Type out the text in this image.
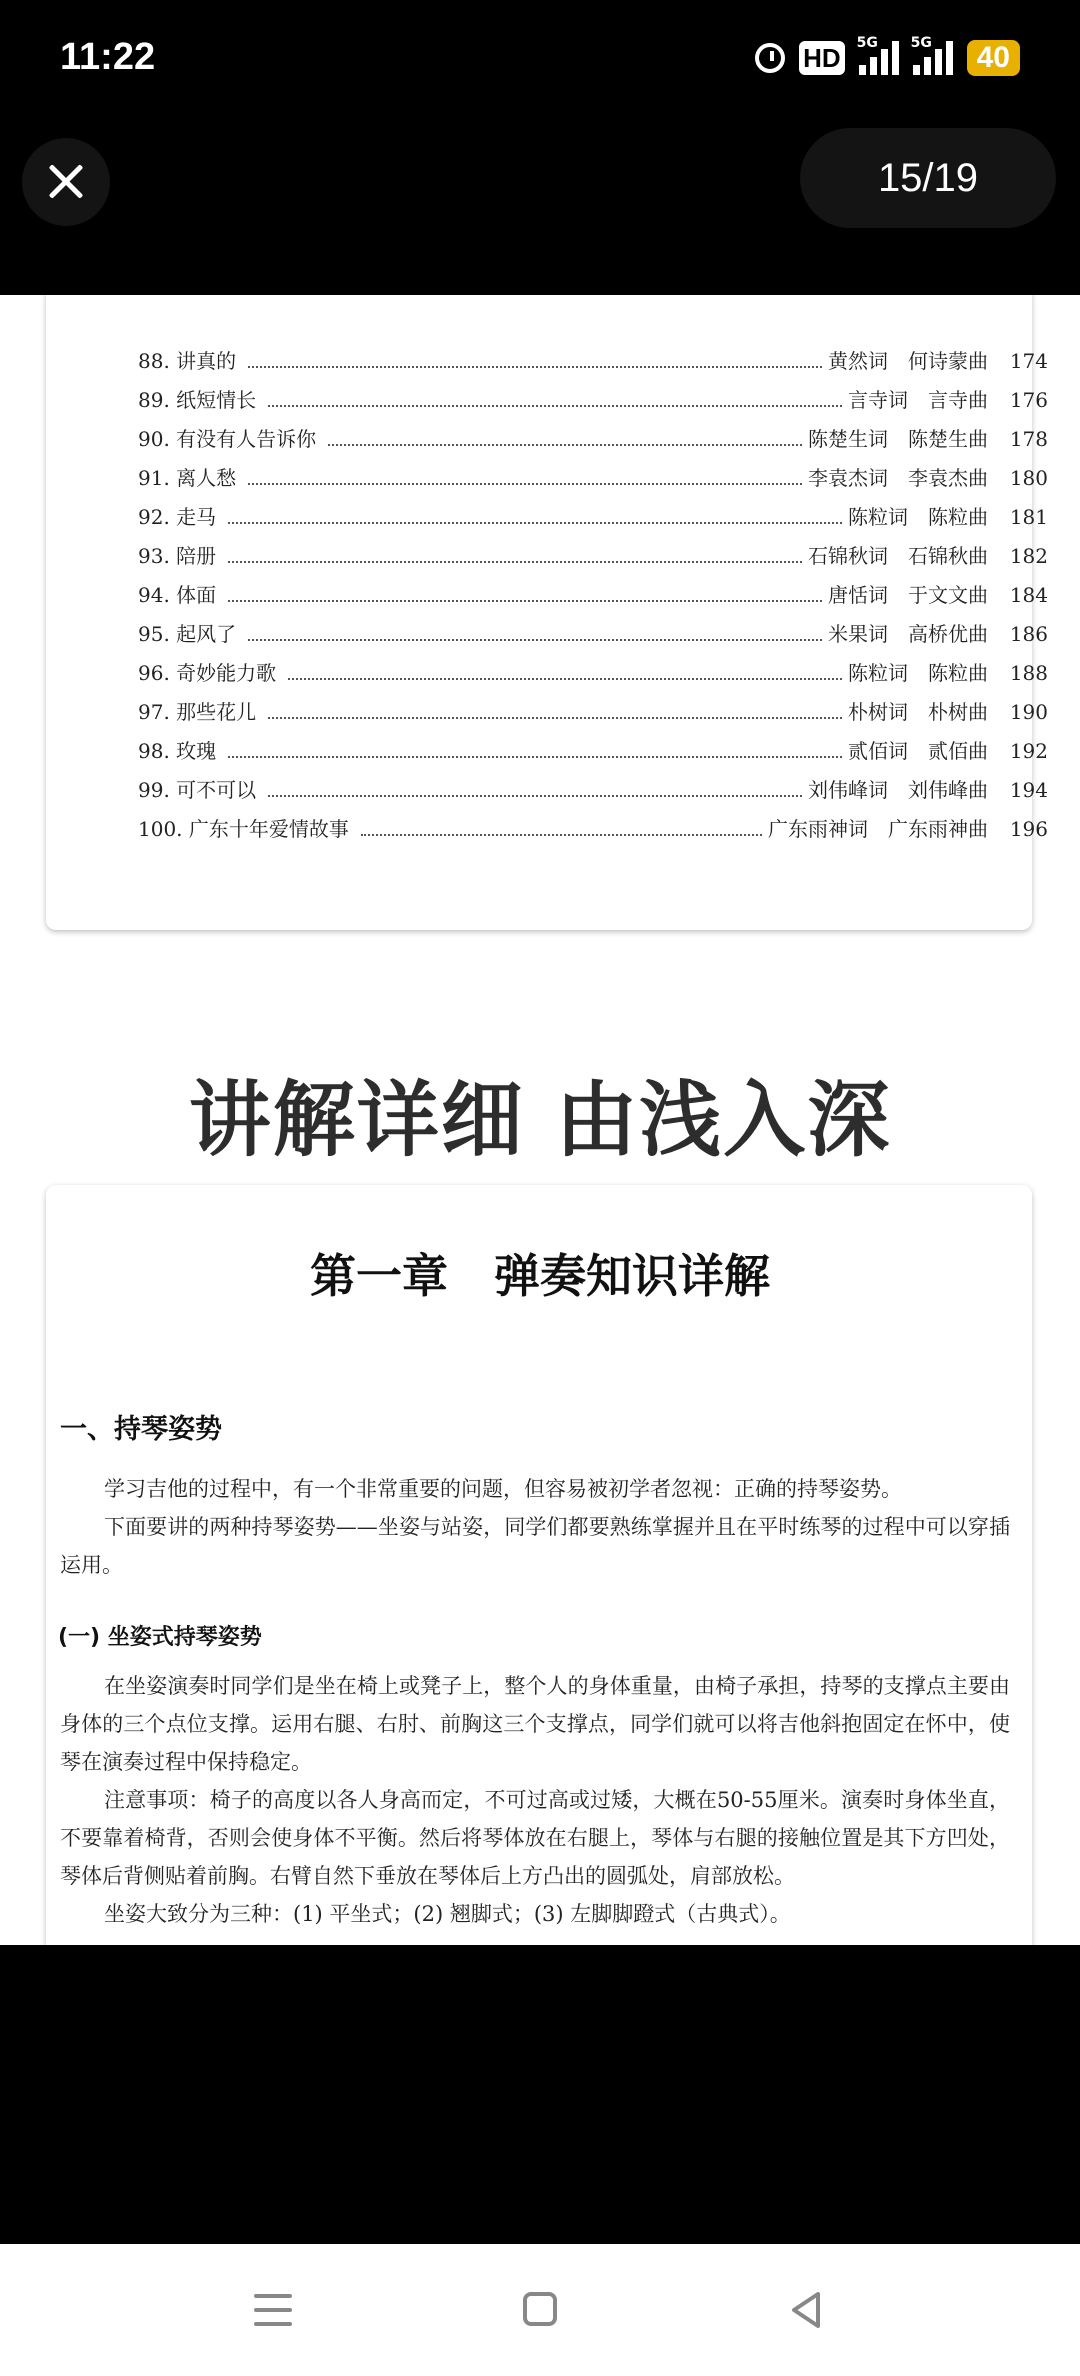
11:22	HD 5G 5G	40
15/19
88. 讲真的	黄然词　何诗蒙曲 174
89. 纸短情长	言寺词　言寺曲 176
90. 有没有人告诉你	陈楚生词　陈楚生曲 178
91. 离人愁	李袁杰词　李袁杰曲 180
92. 走马	陈粒词　陈粒曲 181
93. 陪册	石锦秋词　石锦秋曲 182
94. 体面	唐恬词　于文文曲 184
95. 起风了	米果词　高桥优曲 186
96. 奇妙能力歌	陈粒词　陈粒曲 188
97. 那些花儿	朴树词　朴树曲 190
98. 玫瑰	贰佰词　贰佰曲 192
99. 可不可以	刘伟峰词　刘伟峰曲 194
100. 广东十年爱情故事	广东雨神词　广东雨神曲 196
讲解详细 由浅入深
第一章　弹奏知识详解
一、持琴姿势
学习吉他的过程中，有一个非常重要的问题，但容易被初学者忽视：正确的持琴姿势。
下面要讲的两种持琴姿势——坐姿与站姿，同学们都要熟练掌握并且在平时练琴的过程中可以穿插运用。
(一) 坐姿式持琴姿势
在坐姿演奏时同学们是坐在椅上或凳子上，整个人的身体重量，由椅子承担，持琴的支撑点主要由身体的三个点位支撑。运用右腿、右肘、前胸这三个支撑点，同学们就可以将吉他斜抱固定在怀中，使琴在演奏过程中保持稳定。
注意事项：椅子的高度以各人身高而定，不可过高或过矮，大概在50-55厘米。演奏时身体坐直，不要靠着椅背，否则会使身体不平衡。然后将琴体放在右腿上，琴体与右腿的接触位置是其下方凹处，琴体后背侧贴着前胸。右臂自然下垂放在琴体后上方凸出的圆弧处，肩部放松。
坐姿大致分为三种：(1) 平坐式；(2) 翘脚式；(3) 左脚脚蹬式（古典式）。
